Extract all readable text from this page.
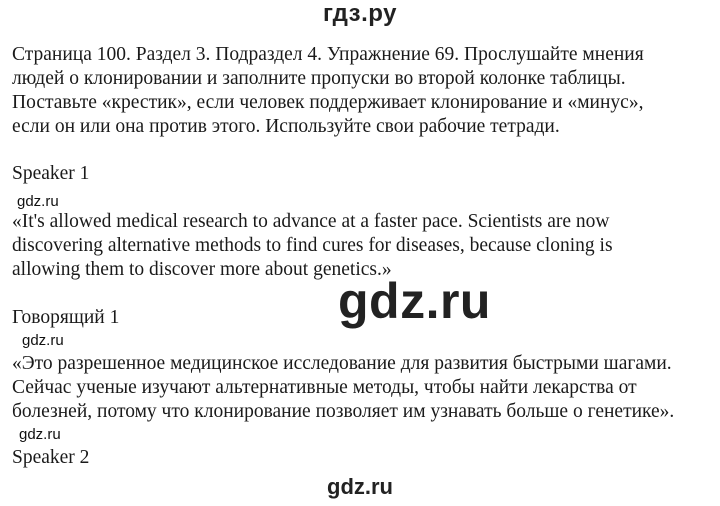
гдз.ру
Страница 100. Раздел 3. Подраздел 4. Упражнение 69. Прослушайте мнения
людей о клонировании и заполните пропуски во второй колонке таблицы.
Поставьте «крестик», если человек поддерживает клонирование и «минус»,
если он или она против этого. Используйте свои рабочие тетради.
Speaker 1
gdz.ru
«It's allowed medical research to advance at a faster pace. Scientists are now
discovering alternative methods to find cures for diseases, because cloning is
allowing them to discover more about genetics.»
gdz.ru
Говорящий 1
gdz.ru
«Это разрешенное медицинское исследование для развития быстрыми шагами.
Сейчас ученые изучают альтернативные методы, чтобы найти лекарства от
болезней, потому что клонирование позволяет им узнавать больше о генетике».
gdz.ru
Speaker 2
gdz.ru
